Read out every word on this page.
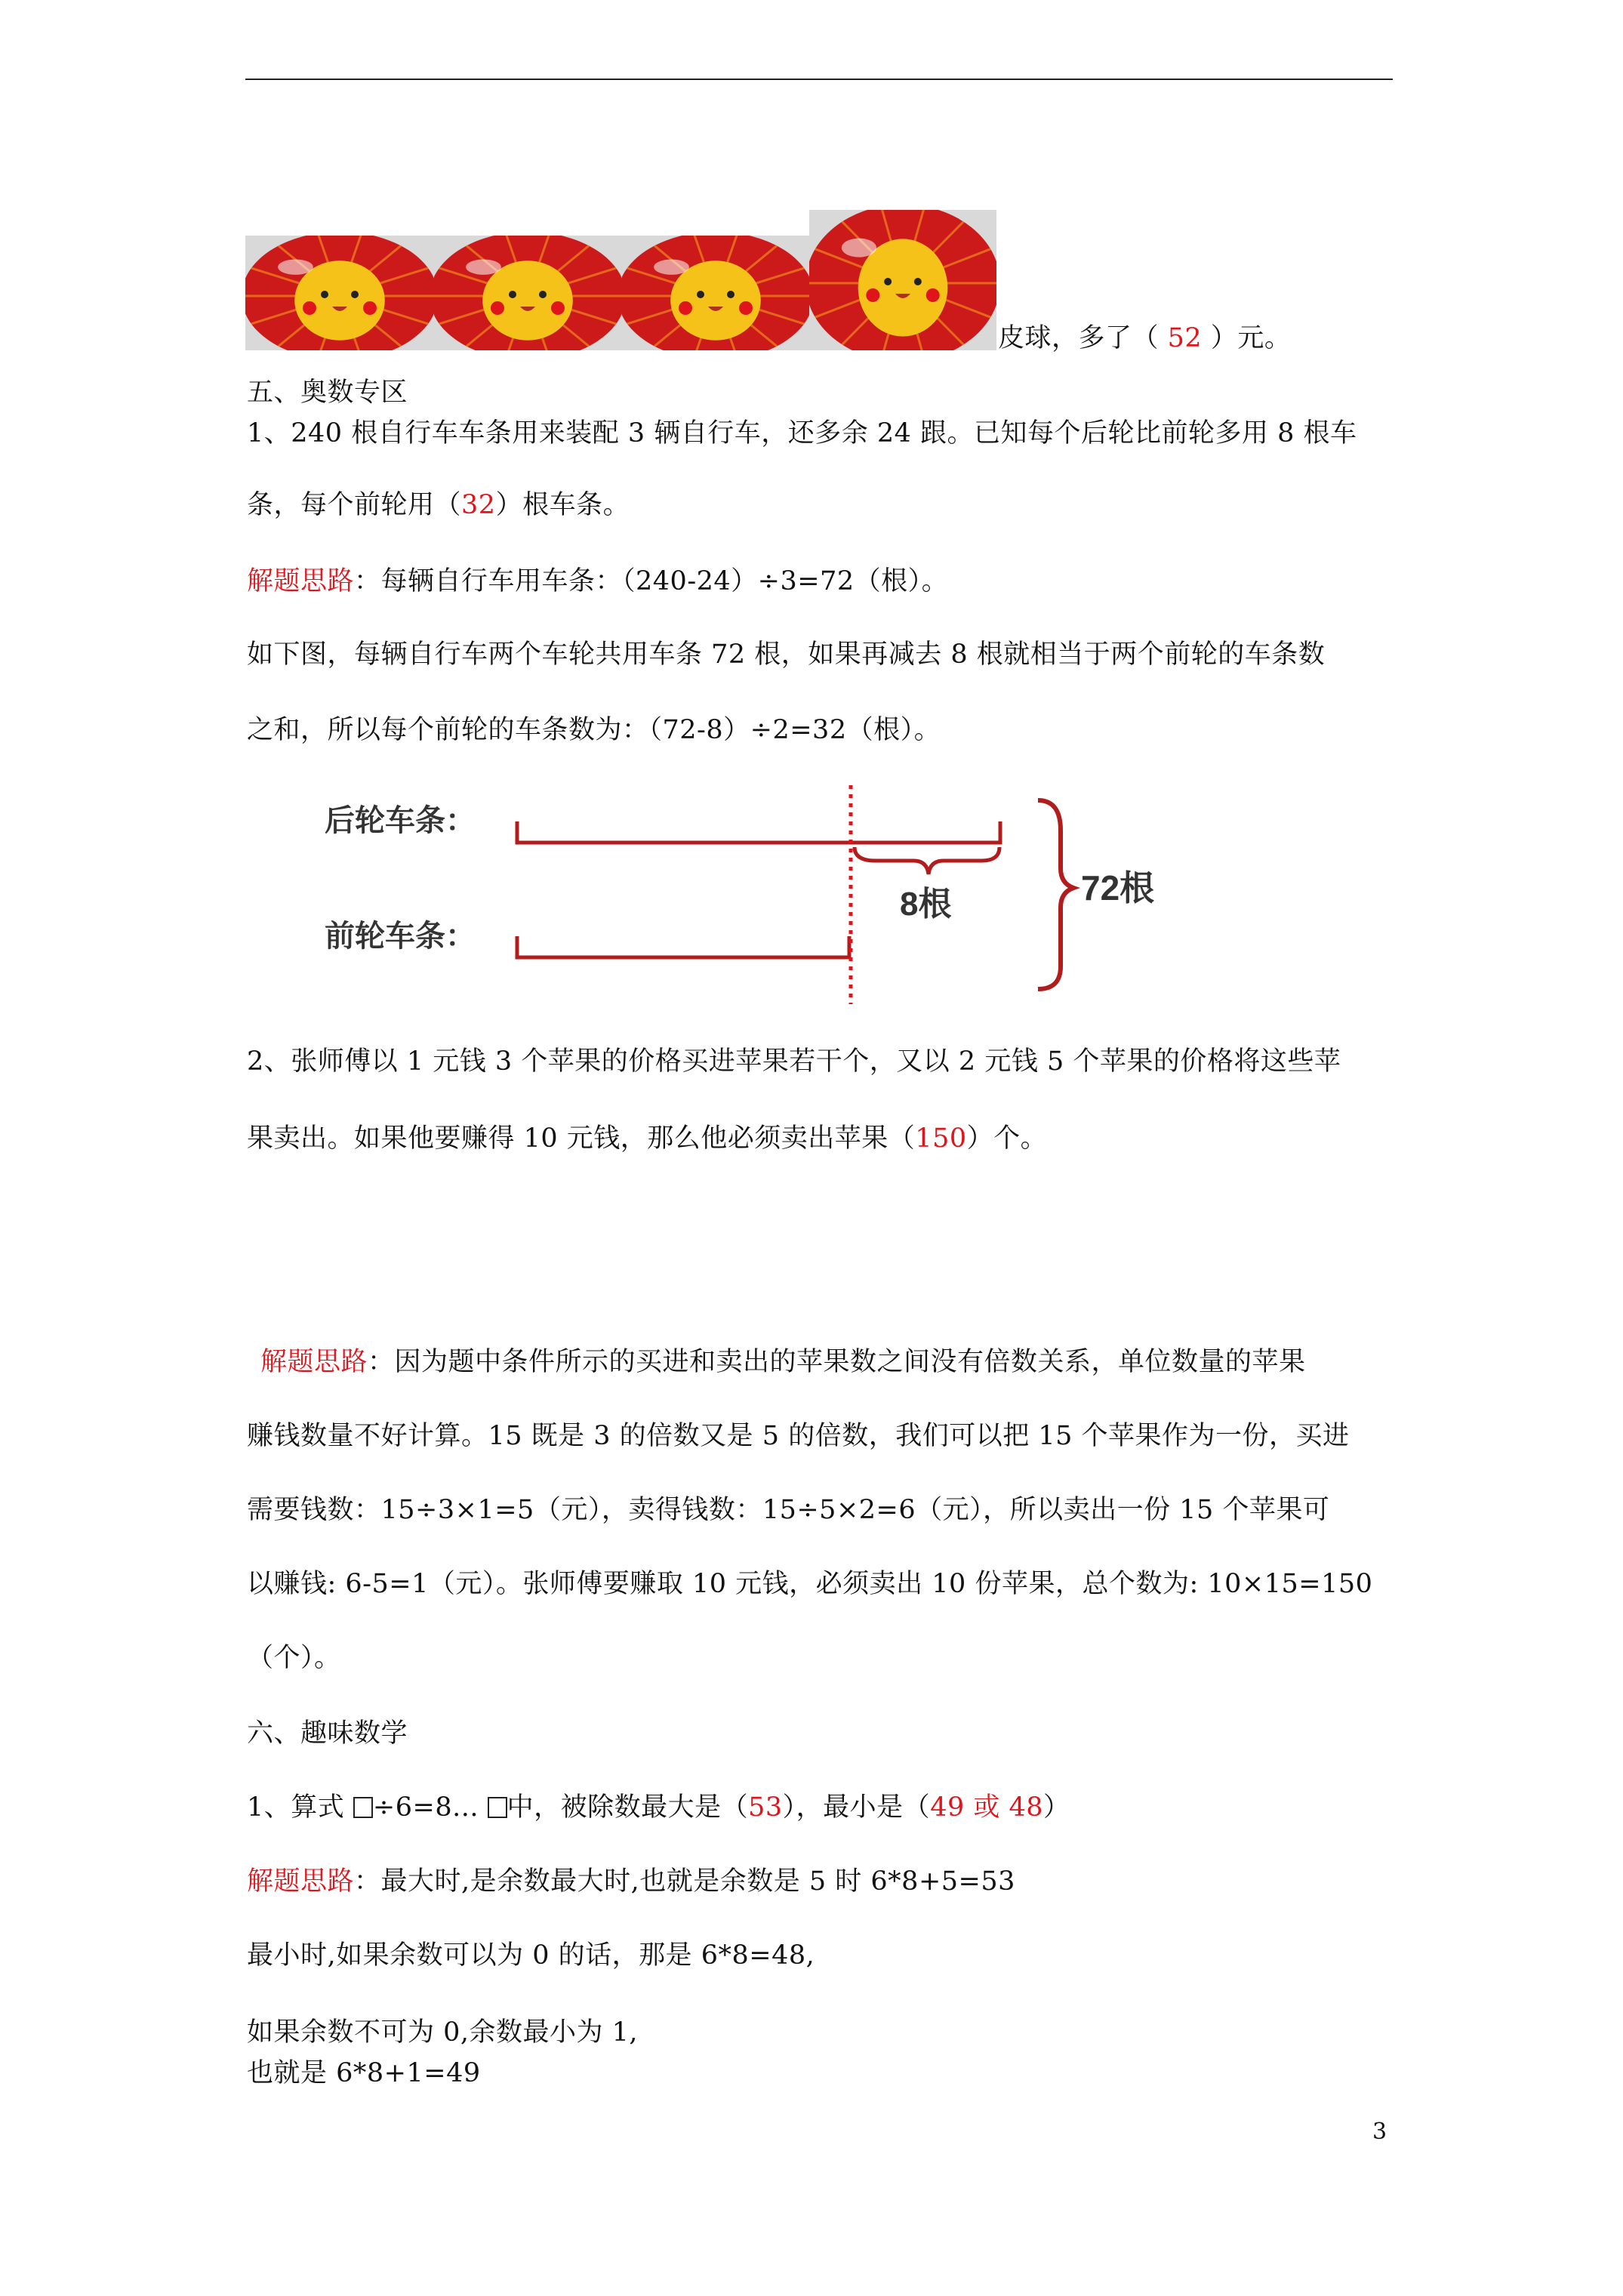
皮球，多了（ 52 ）元。
五、奥数专区
1、240 根自行车车条用来装配 3 辆自行车，还多余 24 跟。已知每个后轮比前轮多用 8 根车
条，每个前轮用（32）根车条。
解题思路：每辆自行车用车条：（240-24）÷3=72（根）。
如下图，每辆自行车两个车轮共用车条 72 根，如果再减去 8 根就相当于两个前轮的车条数
之和，所以每个前轮的车条数为：（72-8）÷2=32（根）。
后轮车条：
前轮车条：
8根	72根
2、张师傅以 1 元钱 3 个苹果的价格买进苹果若干个，又以 2 元钱 5 个苹果的价格将这些苹
果卖出。如果他要赚得 10 元钱，那么他必须卖出苹果（150）个。
解题思路：因为题中条件所示的买进和卖出的苹果数之间没有倍数关系，单位数量的苹果
赚钱数量不好计算。15 既是 3 的倍数又是 5 的倍数，我们可以把 15 个苹果作为一份，买进
需要钱数：15÷3×1=5（元），卖得钱数：15÷5×2=6（元），所以卖出一份 15 个苹果可
以赚钱: 6-5=1（元）。张师傅要赚取 10 元钱，必须卖出 10 份苹果，总个数为: 10×15=150
（个）。
六、趣味数学
1、算式 ÷6=8... 中，被除数最大是（53），最小是（49 或 48）
解题思路：最大时,是余数最大时,也就是余数是 5 时 6*8+5=53
最小时,如果余数可以为 0 的话，那是 6*8=48,
如果余数不可为 0,余数最小为 1,
也就是 6*8+1=49
3
